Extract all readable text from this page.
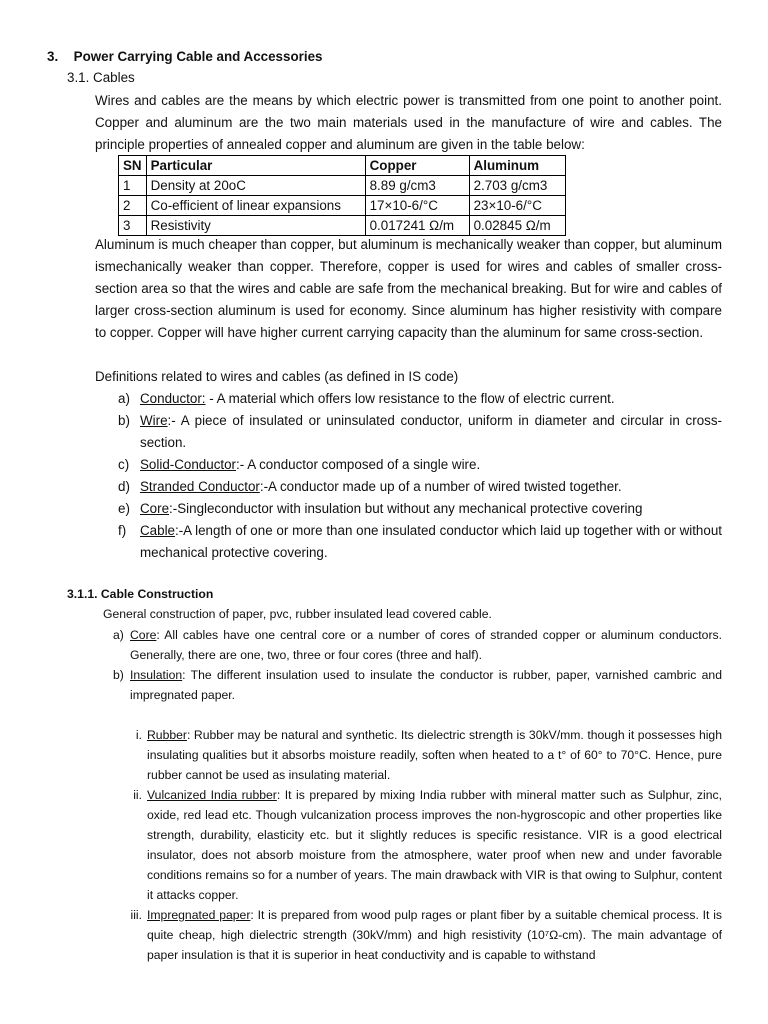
3. Power Carrying Cable and Accessories
3.1. Cables
Wires and cables are the means by which electric power is transmitted from one point to another point. Copper and aluminum are the two main materials used in the manufacture of wire and cables. The principle properties of annealed copper and aluminum are given in the table below:
SN	Particular	Copper	Aluminum
1	Density at 20oC	8.89 g/cm3	2.703 g/cm3
2	Co-efficient of linear expansions	17×10-6/°C	23×10-6/°C
3	Resistivity	0.017241 Ω/m	0.02845 Ω/m
Aluminum is much cheaper than copper, but aluminum is mechanically weaker than copper, but aluminum ismechanically weaker than copper. Therefore, copper is used for wires and cables of smaller cross-section area so that the wires and cable are safe from the mechanical breaking. But for wire and cables of larger cross-section aluminum is used for economy. Since aluminum has higher resistivity with compare to copper. Copper will have higher current carrying capacity than the aluminum for same cross-section.
Definitions related to wires and cables (as defined in IS code)
a) Conductor: - A material which offers low resistance to the flow of electric current.
b) Wire:- A piece of insulated or uninsulated conductor, uniform in diameter and circular in cross-section.
c) Solid-Conductor:- A conductor composed of a single wire.
d) Stranded Conductor:-A conductor made up of a number of wired twisted together.
e) Core:-Singleconductor with insulation but without any mechanical protective covering
f) Cable:-A length of one or more than one insulated conductor which laid up together with or without mechanical protective covering.
3.1.1. Cable Construction
General construction of paper, pvc, rubber insulated lead covered cable.
a) Core: All cables have one central core or a number of cores of stranded copper or aluminum conductors. Generally, there are one, two, three or four cores (three and half).
b) Insulation: The different insulation used to insulate the conductor is rubber, paper, varnished cambric and impregnated paper.
i. Rubber: Rubber may be natural and synthetic. Its dielectric strength is 30kV/mm. though it possesses high insulating qualities but it absorbs moisture readily, soften when heated to a t° of 60° to 70°C. Hence, pure rubber cannot be used as insulating material.
ii. Vulcanized India rubber: It is prepared by mixing India rubber with mineral matter such as Sulphur, zinc, oxide, red lead etc. Though vulcanization process improves the non-hygroscopic and other properties like strength, durability, elasticity etc. but it slightly reduces is specific resistance. VIR is a good electrical insulator, does not absorb moisture from the atmosphere, water proof when new and under favorable conditions remains so for a number of years. The main drawback with VIR is that owing to Sulphur, content it attacks copper.
iii. Impregnated paper: It is prepared from wood pulp rages or plant fiber by a suitable chemical process. It is quite cheap, high dielectric strength (30kV/mm) and high resistivity (10⁷Ω-cm). The main advantage of paper insulation is that it is superior in heat conductivity and is capable to withstand
